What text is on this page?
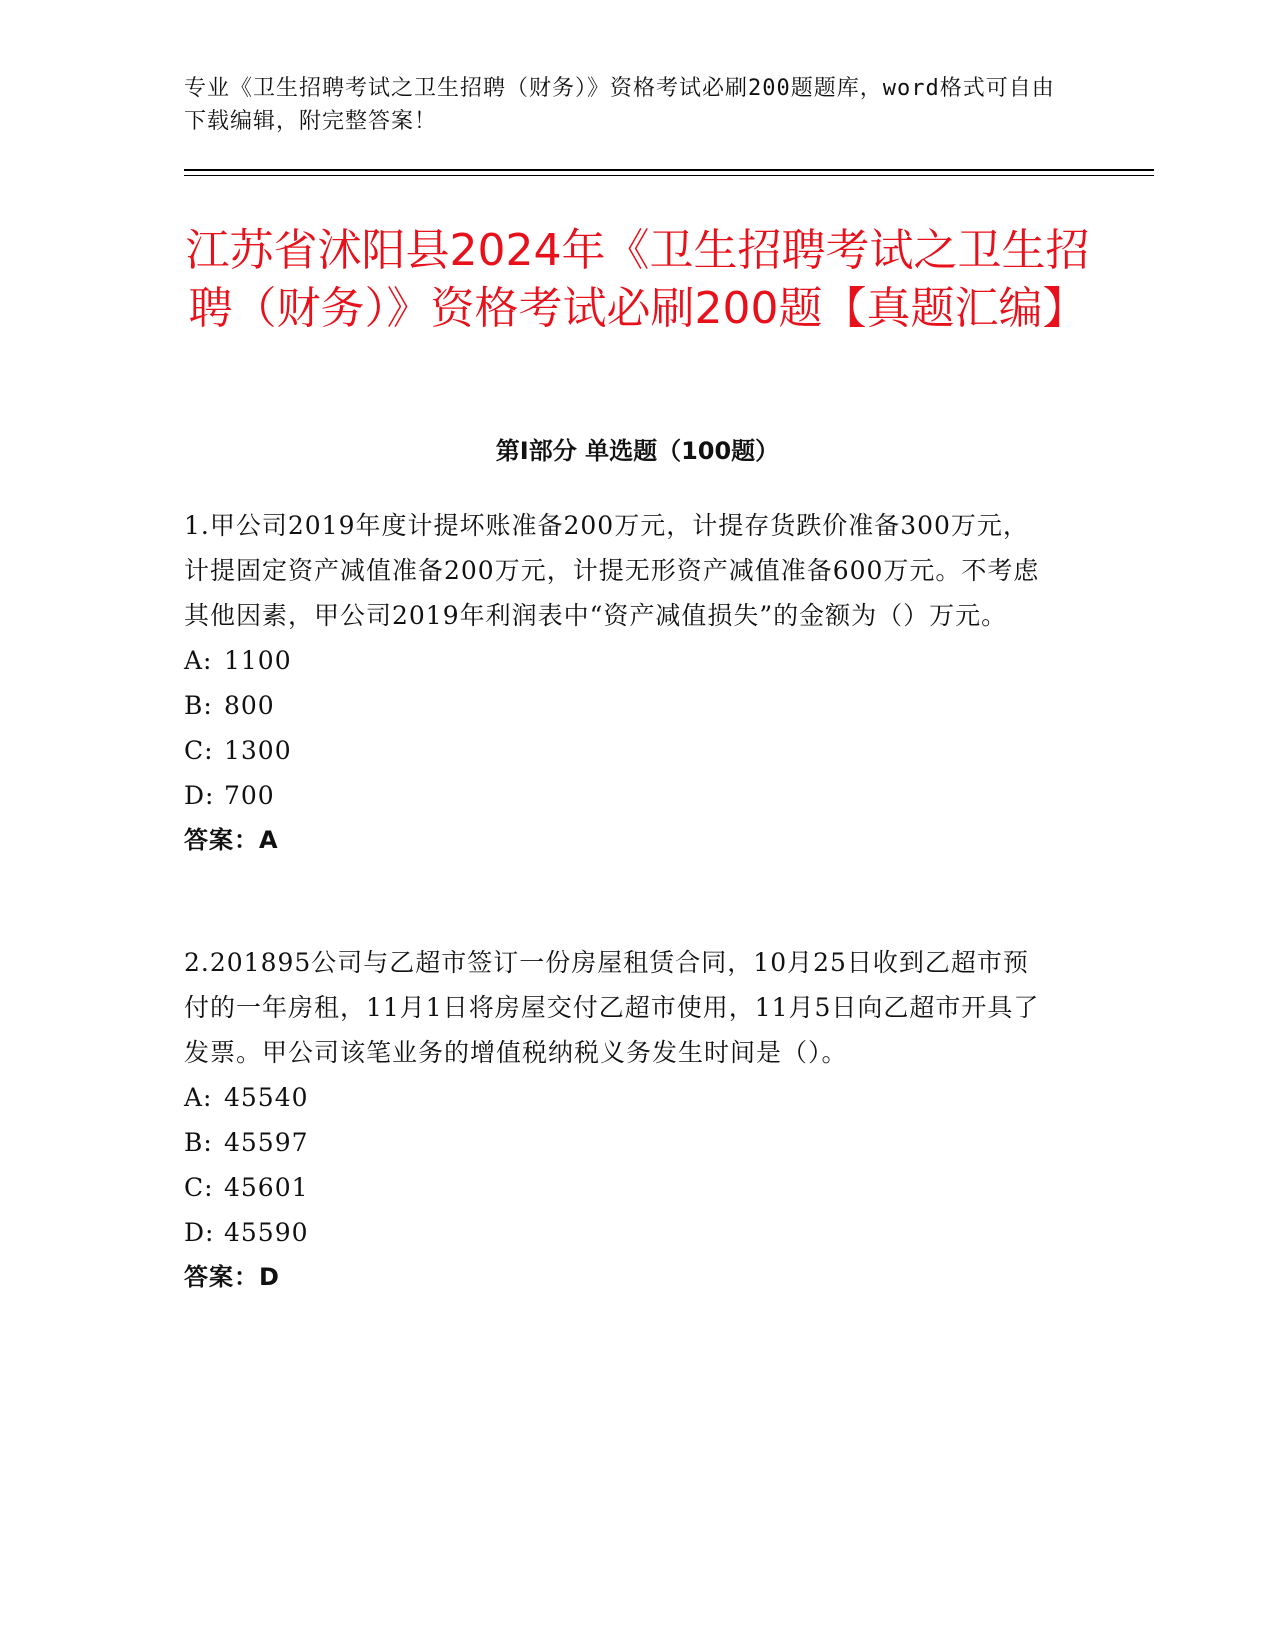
专业《卫生招聘考试之卫生招聘（财务）》资格考试必刷200题题库，word格式可自由下载编辑，附完整答案！
江苏省沭阳县2024年《卫生招聘考试之卫生招聘（财务）》资格考试必刷200题【真题汇编】
第Ⅰ部分 单选题（100题）

1.甲公司2019年度计提坏账准备200万元，计提存货跌价准备300万元，计提固定资产减值准备200万元，计提无形资产减值准备600万元。不考虑其他因素，甲公司2019年利润表中“资产减值损失”的金额为（）万元。

A: 1100

B: 800

C: 1300

D: 700

答案：A

2.201895公司与乙超市签订一份房屋租赁合同，10月25日收到乙超市预付的一年房租，11月1日将房屋交付乙超市使用，11月5日向乙超市开具了发票。甲公司该笔业务的增值税纳税义务发生时间是（）。

A: 45540

B: 45597

C: 45601

D: 45590

答案：D
